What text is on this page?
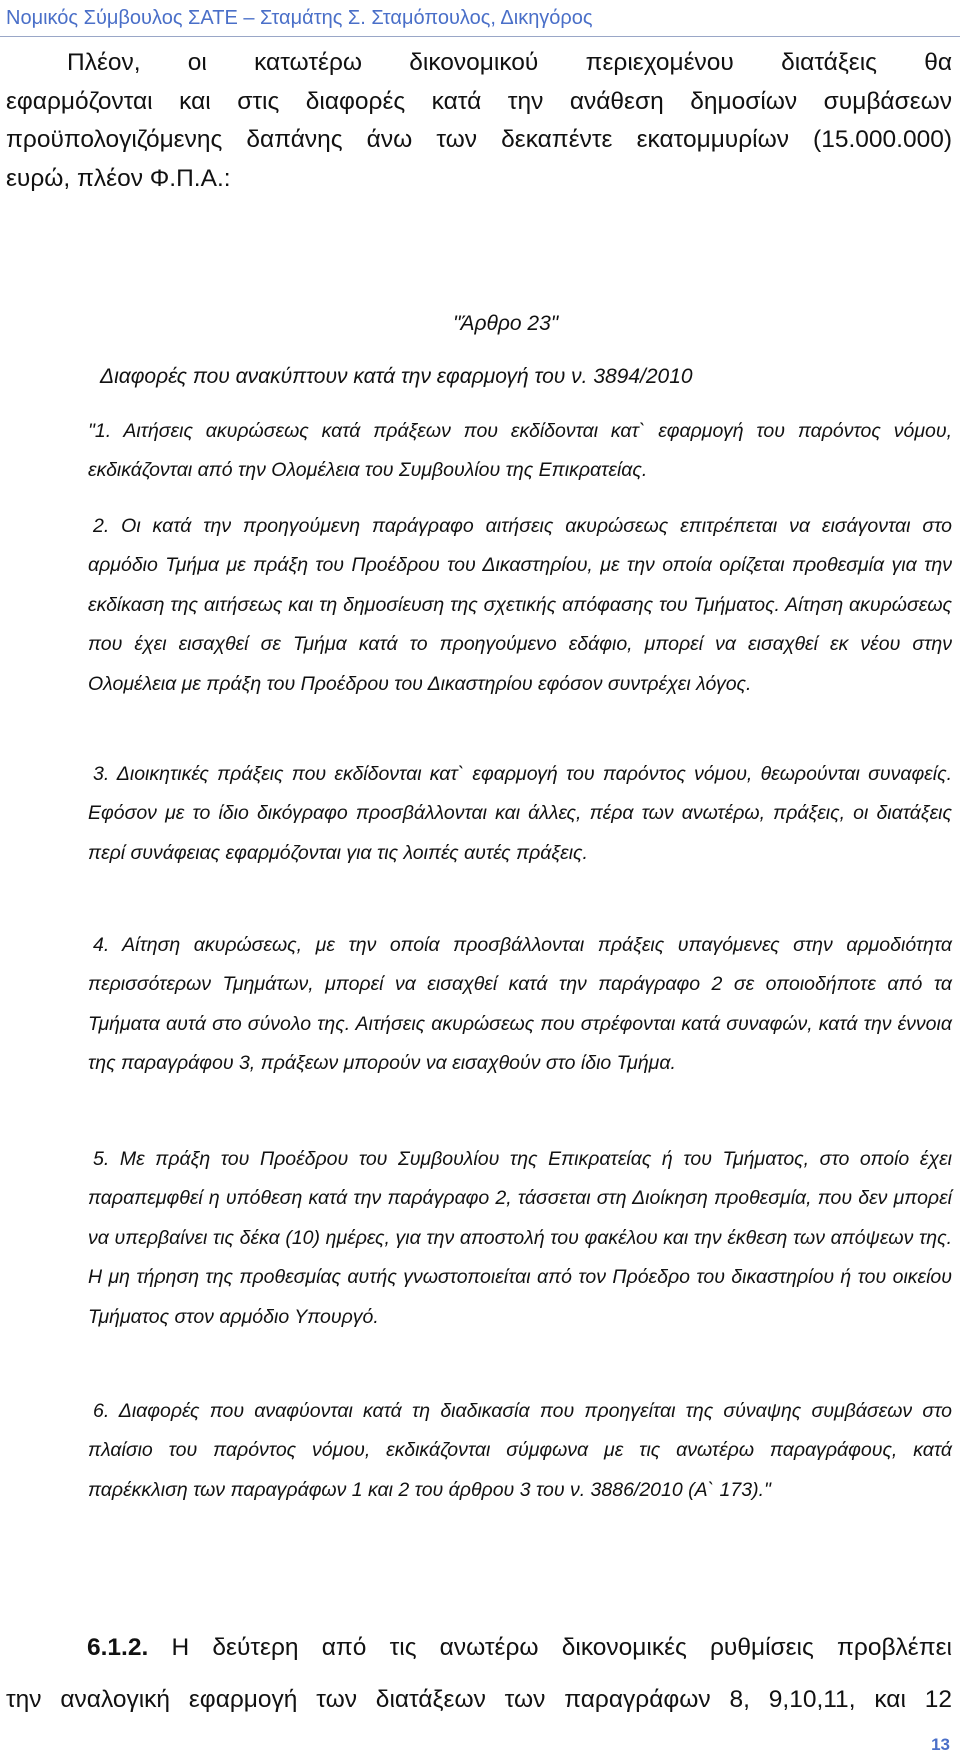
Νομικός Σύμβουλος ΣΑΤΕ – Σταμάτης Σ. Σταμόπουλος, Δικηγόρος

Πλέον, οι κατωτέρω δικονομικού περιεχομένου διατάξεις θα

εφαρμόζονται και στις διαφορές κατά την ανάθεση δημοσίων συμβάσεων

προϋπολογιζόμενης δαπάνης άνω των δεκαπέντε εκατομμυρίων (15.000.000)

ευρώ, πλέον Φ.Π.Α.:

"Άρθρο 23"
Διαφορές που ανακύπτουν κατά την εφαρμογή του ν. 3894/2010

"1. Αιτήσεις ακυρώσεως κατά πράξεων που εκδίδονται κατ` εφαρμογή του παρόντος νόμου, εκδικάζονται από την Ολομέλεια του Συμβουλίου της Επικρατείας.

2. Οι κατά την προηγούμενη παράγραφο αιτήσεις ακυρώσεως επιτρέπεται να εισάγονται στο αρμόδιο Τμήμα με πράξη του Προέδρου του Δικαστηρίου, με την οποία ορίζεται προθεσμία για την εκδίκαση της αιτήσεως και τη δημοσίευση της σχετικής απόφασης του Τμήματος. Αίτηση ακυρώσεως που έχει εισαχθεί σε Τμήμα κατά το προηγούμενο εδάφιο, μπορεί να εισαχθεί εκ νέου στην Ολομέλεια με πράξη του Προέδρου του Δικαστηρίου εφόσον συντρέχει λόγος.

3. Διοικητικές πράξεις που εκδίδονται κατ` εφαρμογή του παρόντος νόμου, θεωρούνται συναφείς. Εφόσον με το ίδιο δικόγραφο προσβάλλονται και άλλες, πέρα των ανωτέρω, πράξεις, οι διατάξεις περί συνάφειας εφαρμόζονται για τις λοιπές αυτές πράξεις.

4. Αίτηση ακυρώσεως, με την οποία προσβάλλονται πράξεις υπαγόμενες στην αρμοδιότητα περισσότερων Τμημάτων, μπορεί να εισαχθεί κατά την παράγραφο 2 σε οποιοδήποτε από τα Τμήματα αυτά στο σύνολο της. Αιτήσεις ακυρώσεως που στρέφονται κατά συναφών, κατά την έννοια της παραγράφου 3, πράξεων μπορούν να εισαχθούν στο ίδιο Τμήμα.

5. Με πράξη του Προέδρου του Συμβουλίου της Επικρατείας ή του Τμήματος, στο οποίο έχει παραπεμφθεί η υπόθεση κατά την παράγραφο 2, τάσσεται στη Διοίκηση προθεσμία, που δεν μπορεί να υπερβαίνει τις δέκα (10) ημέρες, για την αποστολή του φακέλου και την έκθεση των απόψεων της. Η μη τήρηση της προθεσμίας αυτής γνωστοποιείται από τον Πρόεδρο του δικαστηρίου ή του οικείου Τμήματος στον αρμόδιο Υπουργό.

6. Διαφορές που αναφύονται κατά τη διαδικασία που προηγείται της σύναψης συμβάσεων στο πλαίσιο του παρόντος νόμου, εκδικάζονται σύμφωνα με τις ανωτέρω παραγράφους, κατά παρέκκλιση των παραγράφων 1 και 2 του άρθρου 3 του ν. 3886/2010 (Α` 173)."

6.1.2. Η δεύτερη από τις ανωτέρω δικονομικές ρυθμίσεις προβλέπει

την αναλογική εφαρμογή των διατάξεων των παραγράφων 8, 9,10,11, και 12

13
